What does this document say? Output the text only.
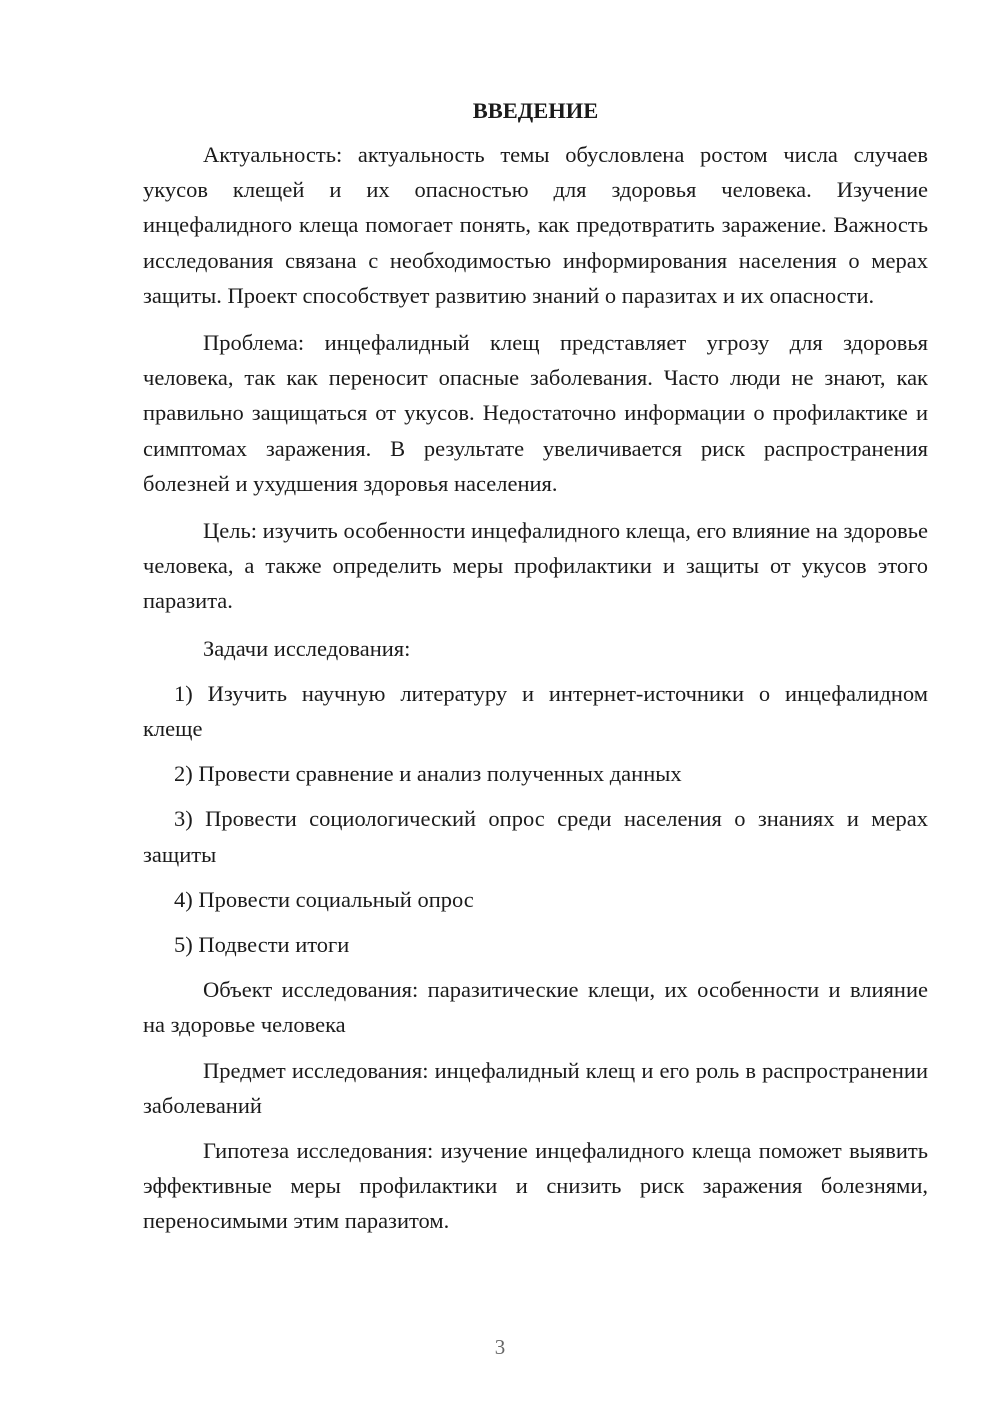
ВВЕДЕНИЕ

Актуальность: актуальность темы обусловлена ростом числа случаев укусов клещей и их опасностью для здоровья человека. Изучение инцефалидного клеща помогает понять, как предотвратить заражение. Важность исследования связана с необходимостью информирования населения о мерах защиты. Проект способствует развитию знаний о паразитах и их опасности.

Проблема: инцефалидный клещ представляет угрозу для здоровья человека, так как переносит опасные заболевания. Часто люди не знают, как правильно защищаться от укусов. Недостаточно информации о профилактике и симптомах заражения. В результате увеличивается риск распространения болезней и ухудшения здоровья населения.

Цель: изучить особенности инцефалидного клеща, его влияние на здоровье человека, а также определить меры профилактики и защиты от укусов этого паразита.

Задачи исследования:

1) Изучить научную литературу и интернет-источники о инцефалидном клеще

2) Провести сравнение и анализ полученных данных

3) Провести социологический опрос среди населения о знаниях и мерах защиты

4) Провести социальный опрос

5) Подвести итоги

Объект исследования: паразитические клещи, их особенности и влияние на здоровье человека

Предмет исследования: инцефалидный клещ и его роль в распространении заболеваний

Гипотеза исследования: изучение инцефалидного клеща поможет выявить эффективные меры профилактики и снизить риск заражения болезнями, переносимыми этим паразитом.

3
